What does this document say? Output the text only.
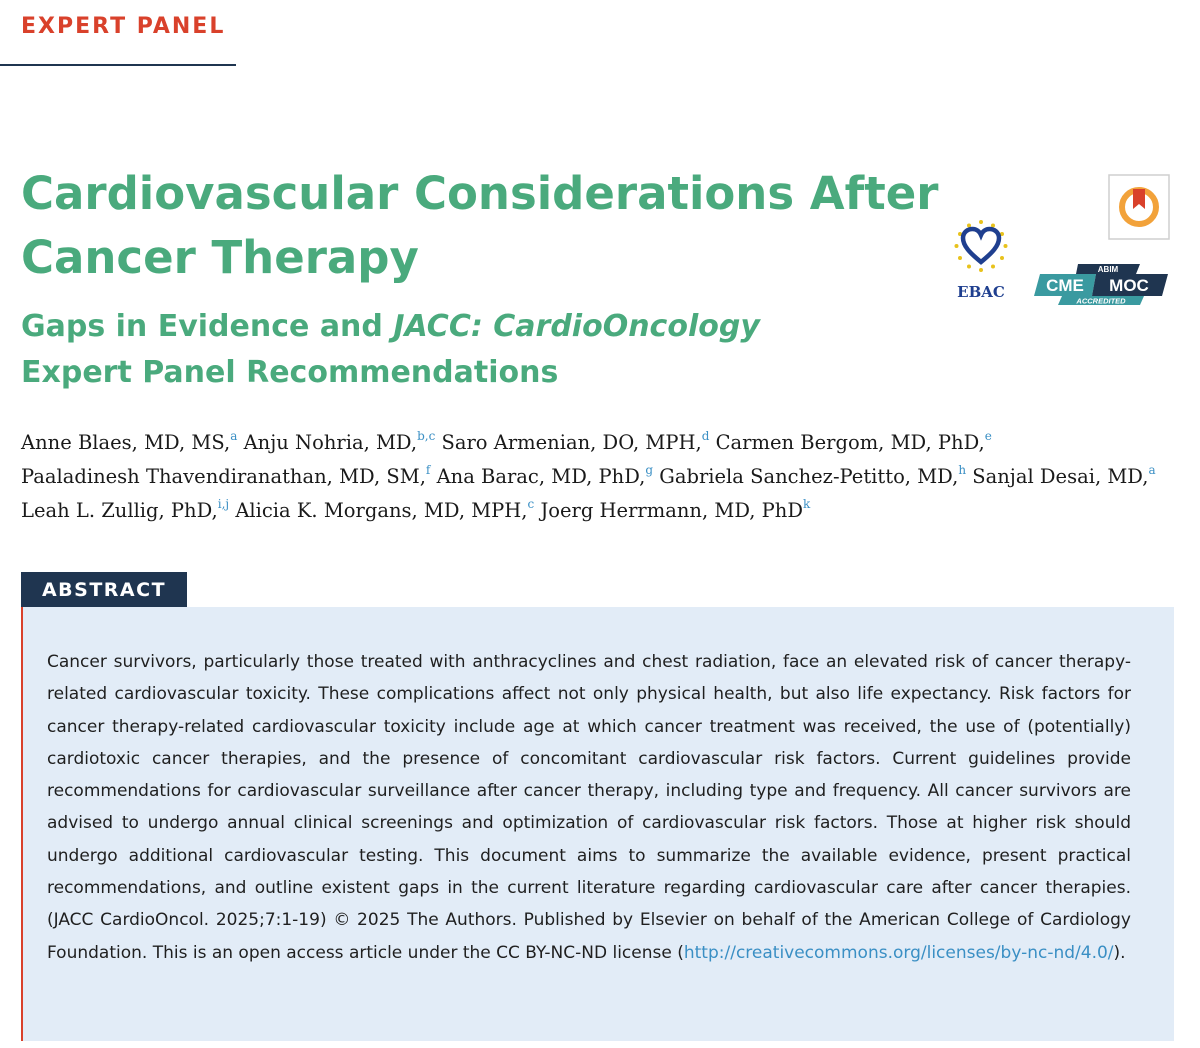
EXPERT PANEL
Cardiovascular Considerations After Cancer Therapy
Gaps in Evidence and JACC: CardioOncology
Expert Panel Recommendations
EBAC
ABIM
CME MOC
ACCREDITED
Anne Blaes, MD, MS,$^a$ Anju Nohria, MD,$^{b,c}$ Saro Armenian, DO, MPH,$^d$ Carmen Bergom, MD, PhD,$^e$
Paaladinesh Thavendiranathan, MD, SM,$^f$ Ana Barac, MD, PhD,$^g$ Gabriela Sanchez-Petitto, MD,$^h$ Sanjal Desai, MD,$^a$
Leah L. Zullig, PhD,$^{i,j}$ Alicia K. Morgans, MD, MPH,$^c$ Joerg Herrmann, MD, PhD$^k$
ABSTRACT

Cancer survivors, particularly those treated with anthracyclines and chest radiation, face an elevated risk of cancer therapy-related cardiovascular toxicity. These complications affect not only physical health, but also life expectancy. Risk factors for cancer therapy-related cardiovascular toxicity include age at which cancer treatment was received, the use of (potentially) cardiotoxic cancer therapies, and the presence of concomitant cardiovascular risk factors. Current guidelines provide recommendations for cardiovascular surveillance after cancer therapy, including type and frequency. All cancer survivors are advised to undergo annual clinical screenings and optimization of cardiovascular risk factors. Those at higher risk should undergo additional cardiovascular testing. This document aims to summarize the available evidence, present practical recommendations, and outline existent gaps in the current literature regarding cardiovascular care after cancer therapies. (JACC CardioOncol. 2025;7:1-19) © 2025 The Authors. Published by Elsevier on behalf of the American College of Cardiology Foundation. This is an open access article under the CC BY-NC-ND license (http://creativecommons.org/licenses/by-nc-nd/4.0/).
